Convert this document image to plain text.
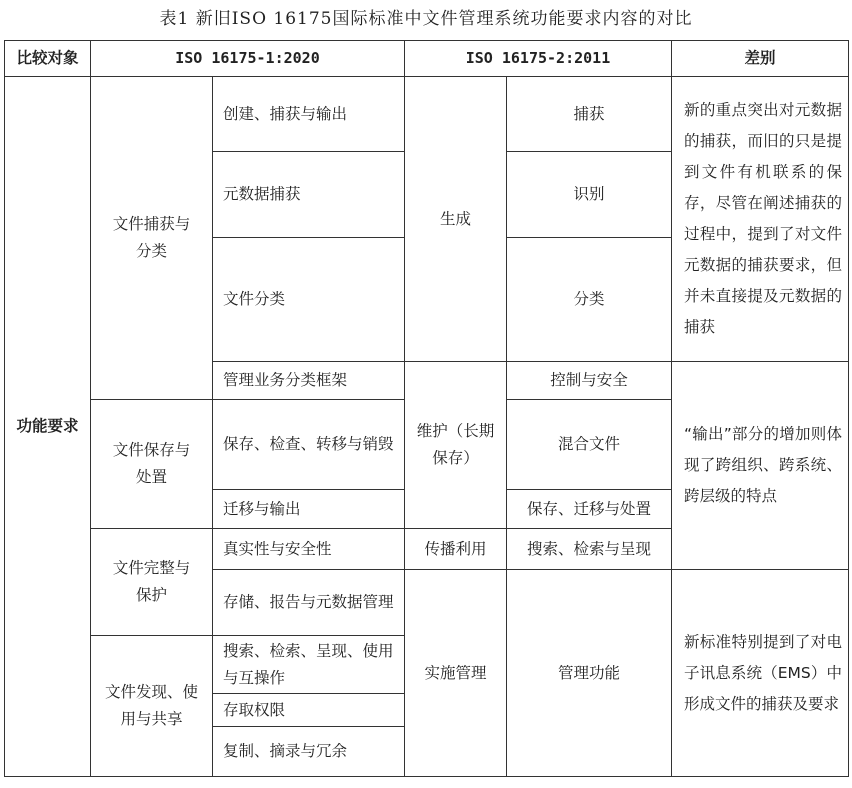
表1 新旧ISO 16175国际标准中文件管理系统功能要求内容的对比
比较对象	ISO 16175-1:2020		ISO 16175-2:2011		差别
功能要求	文件捕获与分类	创建、捕获与输出	生成	捕获	新的重点突出对元数据的捕获，而旧的只是提到文件有机联系的保存，尽管在阐述捕获的过程中，提到了对文件元数据的捕获要求，但并未直接提及元数据的捕获
		元数据捕获		识别	
		文件分类		分类	
		管理业务分类框架	维护（长期保存）	控制与安全	“输出”部分的增加则体现了跨组织、跨系统、跨层级的特点
	文件保存与处置	保存、检查、转移与销毁		混合文件	
		迁移与输出		保存、迁移与处置	
	文件完整与保护	真实性与安全性	传播利用	搜索、检索与呈现	
		存储、报告与元数据管理	实施管理	管理功能	新标准特别提到了对电子讯息系统（EMS）中形成文件的捕获及要求
	文件发现、使用与共享	搜索、检索、呈现、使用与互操作			
		存取权限			
		复制、摘录与冗余			
